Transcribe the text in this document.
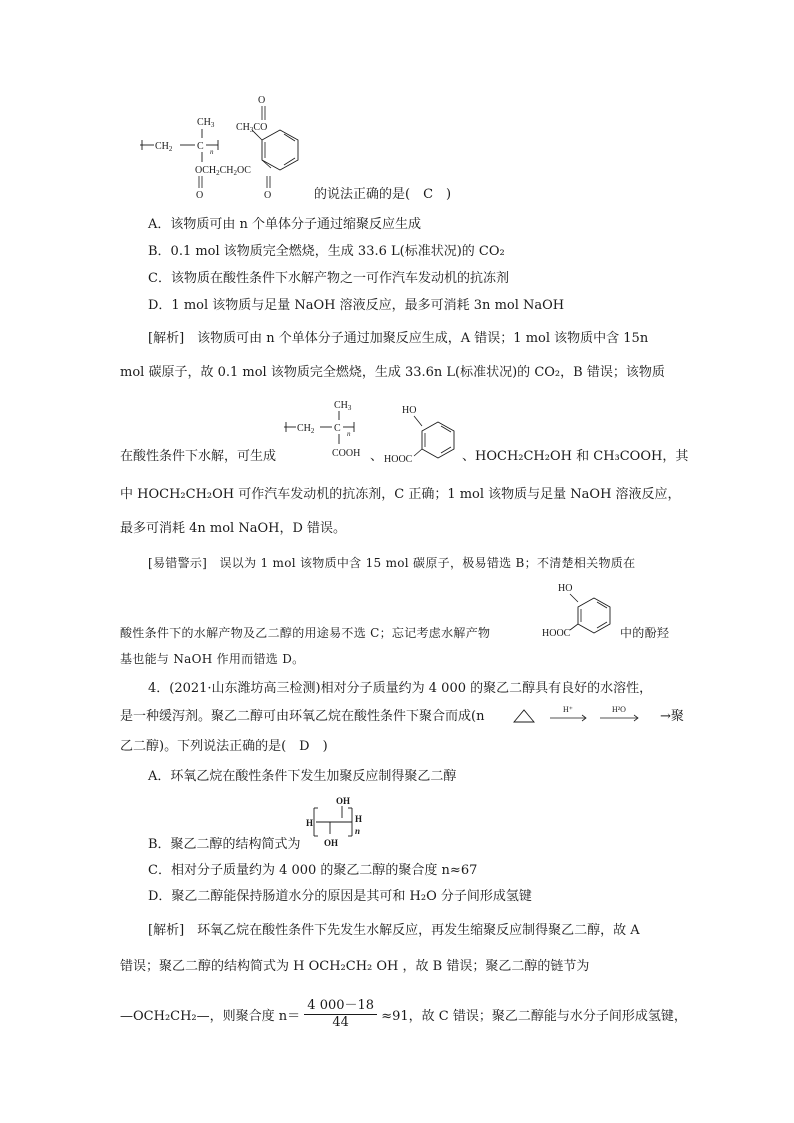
$CH_3$
$CH_2$ C n
$OCH_2CH_2OC$
O	O
$CH_3CO$
O
的说法正确的是(　C　)
A．该物质可由 n 个单体分子通过缩聚反应生成
B．0.1 mol 该物质完全燃烧，生成 33.6 L(标准状况)的 CO₂
C．该物质在酸性条件下水解产物之一可作汽车发动机的抗冻剂
D．1 mol 该物质与足量 NaOH 溶液反应，最多可消耗 3n mol NaOH
[解析]　该物质可由 n 个单体分子通过加聚反应生成，A 错误；1 mol 该物质中含 15n
mol 碳原子，故 0.1 mol 该物质完全燃烧，生成 33.6n L(标准状况)的 CO₂，B 错误；该物质
$CH_3$
$CH_2$ C n
COOH
在酸性条件下水解，可生成	、
HO
HOOC	、HOCH₂CH₂OH 和 CH₃COOH，其
中 HOCH₂CH₂OH 可作汽车发动机的抗冻剂，C 正确；1 mol 该物质与足量 NaOH 溶液反应，
最多可消耗 4n mol NaOH，D 错误。
[易错警示]　误以为 1 mol 该物质中含 15 mol 碳原子，极易错选 B；不清楚相关物质在
HO
HOOC
酸性条件下的水解产物及乙二醇的用途易不选 C；忘记考虑水解产物	中的酚羟
基也能与 NaOH 作用而错选 D。
4．(2021·山东潍坊高三检测)相对分子质量约为 4 000 的聚乙二醇具有良好的水溶性，
是一种缓泻剂。聚乙二醇可由环氧乙烷在酸性条件下聚合而成(n	H⁺	H²O	→聚
乙二醇)。下列说法正确的是(　D　)
A．环氧乙烷在酸性条件下发生加聚反应制得聚乙二醇
OH
H	H
n
OH
B．聚乙二醇的结构简式为
C．相对分子质量约为 4 000 的聚乙二醇的聚合度 n≈67
D．聚乙二醇能保持肠道水分的原因是其可和 H₂O 分子间形成氢键
[解析]　环氧乙烷在酸性条件下先发生水解反应，再发生缩聚反应制得聚乙二醇，故 A
错误；聚乙二醇的结构简式为 H OCH₂CH₂ OH ，故 B 错误；聚乙二醇的链节为
—OCH₂CH₂—，则聚合度 $n= \frac{4 000-18}{44} \approx 91$，故 C 错误；聚乙二醇能与水分子间形成氢键，
